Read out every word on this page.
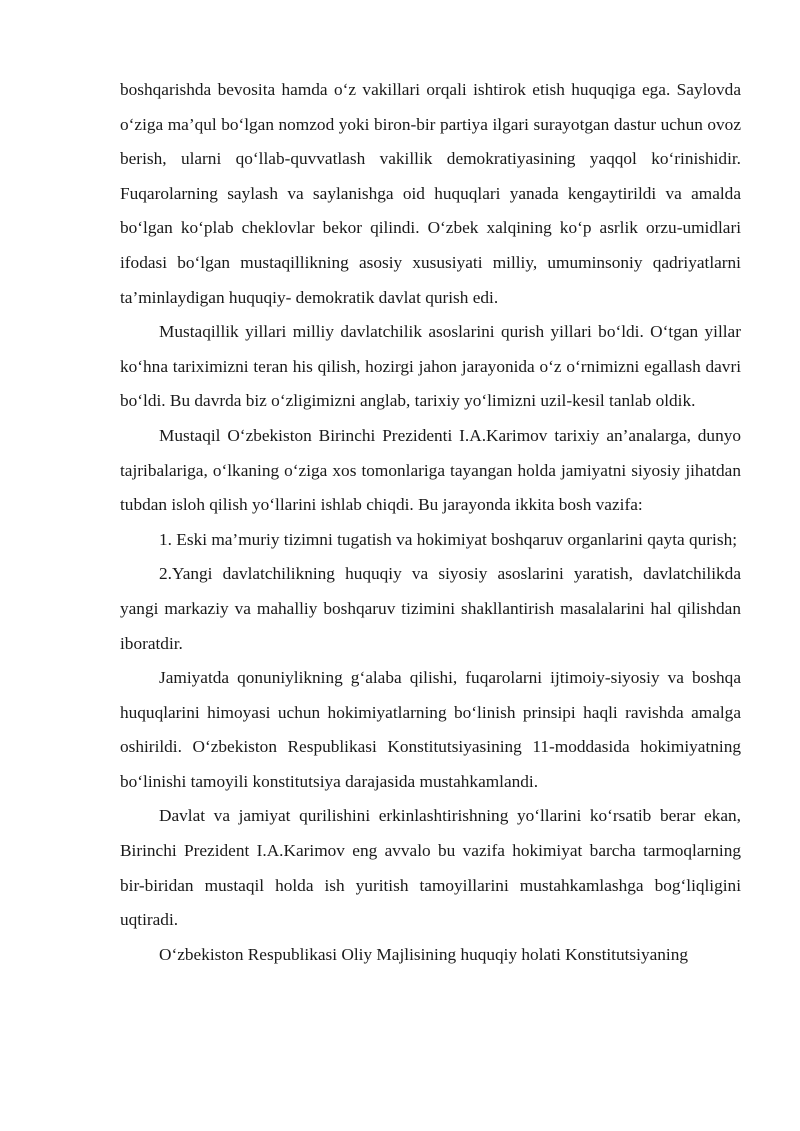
boshqarishda bevosita hamda o‘z vakillari orqali ishtirok etish huquqiga ega. Saylovda o‘ziga ma’qul bo‘lgan nomzod yoki biron-bir partiya ilgari surayotgan dastur uchun ovoz berish, ularni qo‘llab-quvvatlash vakillik demokratiyasining yaqqol ko‘rinishidir. Fuqarolarning saylash va saylanishga oid huquqlari yanada kengaytirildi va amalda bo‘lgan ko‘plab cheklovlar bekor qilindi. O‘zbek xalqining ko‘p asrlik orzu-umidlari ifodasi bo‘lgan mustaqillikning asosiy xususiyati milliy, umuminsoniy qadriyatlarni ta’minlaydigan huquqiy- demokratik davlat qurish edi.

Mustaqillik yillari milliy davlatchilik asoslarini qurish yillari bo‘ldi. O‘tgan yillar ko‘hna tariximizni teran his qilish, hozirgi jahon jarayonida o‘z o‘rnimizni egallash davri bo‘ldi. Bu davrda biz o‘zligimizni anglab, tarixiy yo‘limizni uzil-kesil tanlab oldik.

Mustaqil O‘zbekiston Birinchi Prezidenti I.A.Karimov tarixiy an’analarga, dunyo tajribalariga, o‘lkaning o‘ziga xos tomonlariga tayangan holda jamiyatni siyosiy jihatdan tubdan isloh qilish yo‘llarini ishlab chiqdi. Bu jarayonda ikkita bosh vazifa:

1. Eski ma’muriy tizimni tugatish va hokimiyat boshqaruv organlarini qayta qurish;

2.Yangi davlatchilikning huquqiy va siyosiy asoslarini yaratish, davlatchilikda yangi markaziy va mahalliy boshqaruv tizimini shakllantirish masalalarini hal qilishdan iboratdir.

Jamiyatda qonuniylikning g‘alaba qilishi, fuqarolarni ijtimoiy-siyosiy va boshqa huquqlarini himoyasi uchun hokimiyatlarning bo‘linish prinsipi haqli ravishda amalga oshirildi. O‘zbekiston Respublikasi Konstitutsiyasining 11-moddasida hokimiyatning bo‘linishi tamoyili konstitutsiya darajasida mustahkamlandi.

Davlat va jamiyat qurilishini erkinlashtirishning yo‘llarini ko‘rsatib berar ekan, Birinchi Prezident I.A.Karimov eng avvalo bu vazifa hokimiyat barcha tarmoqlarning bir-biridan mustaqil holda ish yuritish tamoyillarini mustahkamlashga bog‘liqligini uqtiradi.

O‘zbekiston Respublikasi Oliy Majlisining huquqiy holati Konstitutsiyaning
